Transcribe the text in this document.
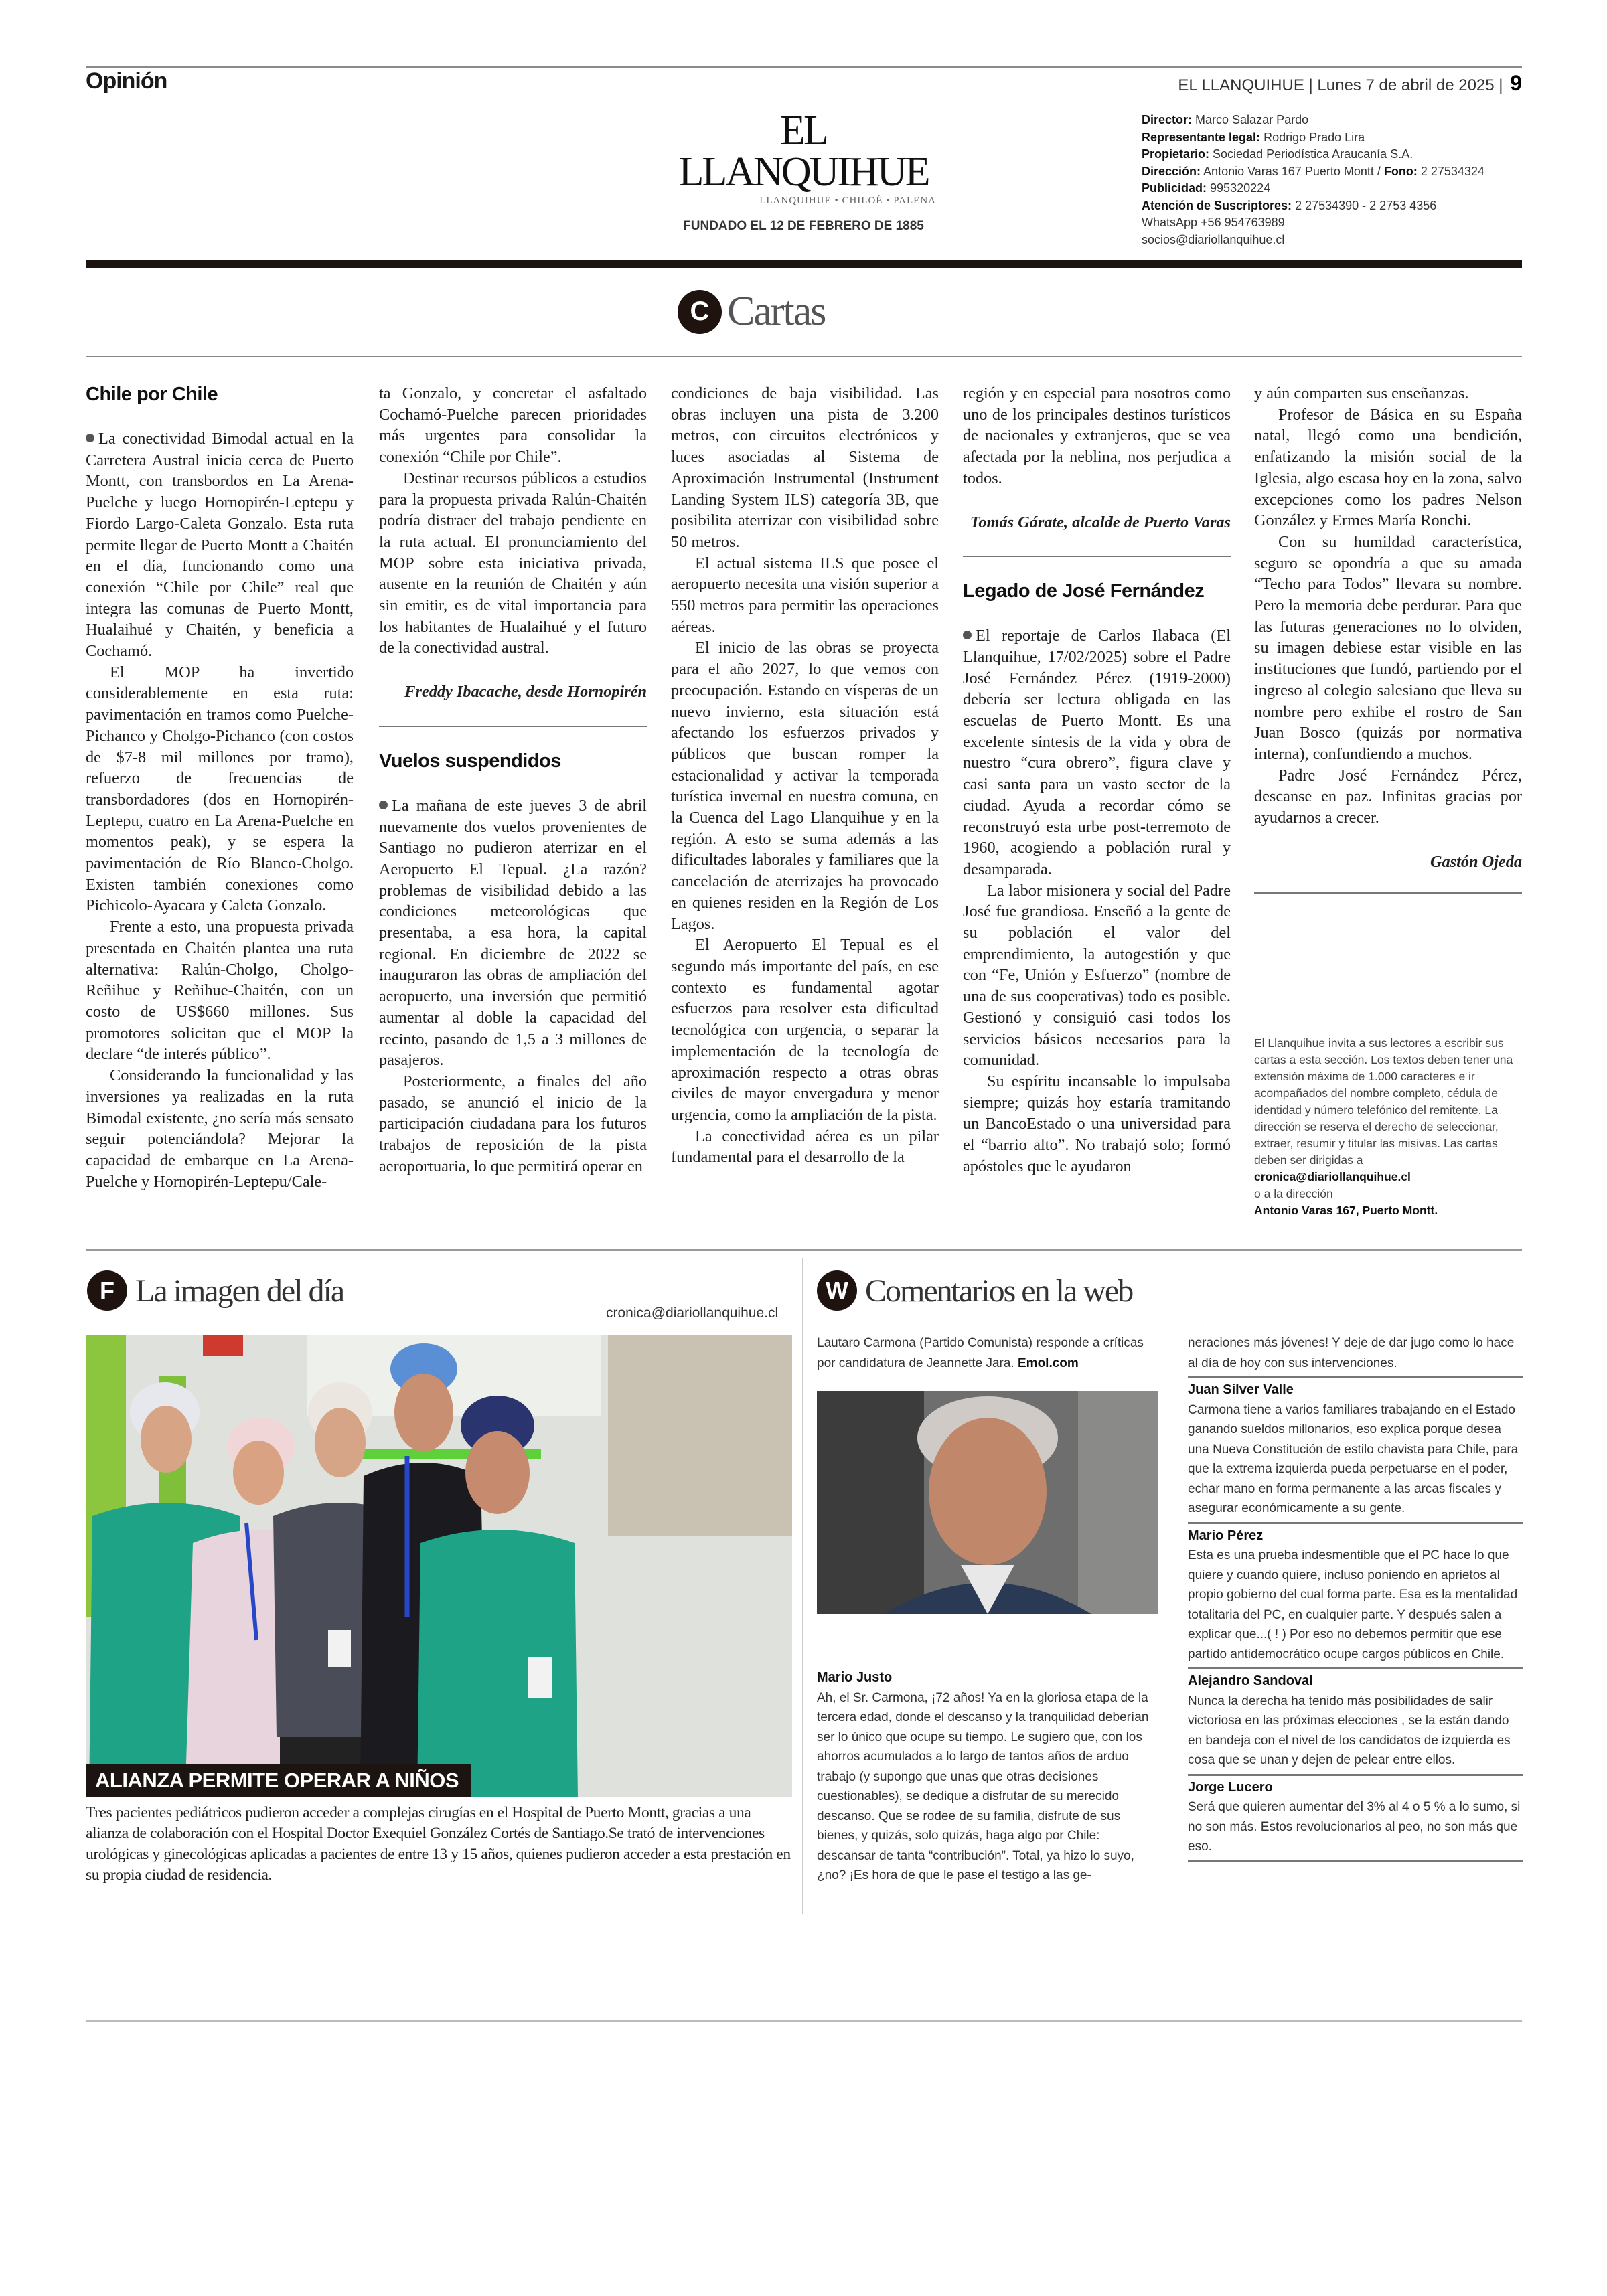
Opinión	EL LLANQUIHUE | Lunes 7 de abril de 2025 | 9
EL LLANQUIHUE
LLANQUIHUE • CHILOÉ • PALENA
FUNDADO EL 12 DE FEBRERO DE 1885
Director: Marco Salazar Pardo
Representante legal: Rodrigo Prado Lira
Propietario: Sociedad Periodística Araucanía S.A.
Dirección: Antonio Varas 167 Puerto Montt / Fono: 2 27534324
Publicidad: 995320224
Atención de Suscriptores: 2 27534390 - 2 2753 4356
WhatsApp +56 954763989
socios@diariollanquihue.cl
C Cartas
Chile por Chile

La conectividad Bimodal actual en la Carretera Austral inicia cerca de Puerto Montt, con transbordos en La Arena-Puelche y luego Hornopirén-Leptepu y Fiordo Largo-Caleta Gonzalo. Esta ruta permite llegar de Puerto Montt a Chaitén en el día, funcionando como una conexión “Chile por Chile” real que integra las comunas de Puerto Montt, Hualaihué y Chaitén, y beneficia a Cochamó.

El MOP ha invertido considerablemente en esta ruta: pavimentación en tramos como Puelche-Pichanco y Cholgo-Pichanco (con costos de $7-8 mil millones por tramo), refuerzo de frecuencias de transbordadores (dos en Hornopirén-Leptepu, cuatro en La Arena-Puelche en momentos peak), y se espera la pavimentación de Río Blanco-Cholgo. Existen también conexiones como Pichicolo-Ayacara y Caleta Gonzalo.

Frente a esto, una propuesta privada presentada en Chaitén plantea una ruta alternativa: Ralún-Cholgo, Cholgo-Reñihue y Reñihue-Chaitén, con un costo de US$660 millones. Sus promotores solicitan que el MOP la declare “de interés público”.

Considerando la funcionalidad y las inversiones ya realizadas en la ruta Bimodal existente, ¿no sería más sensato seguir potenciándola? Mejorar la capacidad de embarque en La Arena-Puelche y Hornopirén-Leptepu/Cale-

ta Gonzalo, y concretar el asfaltado Cochamó-Puelche parecen prioridades más urgentes para consolidar la conexión “Chile por Chile”.

Destinar recursos públicos a estudios para la propuesta privada Ralún-Chaitén podría distraer del trabajo pendiente en la ruta actual. El pronunciamiento del MOP sobre esta iniciativa privada, ausente en la reunión de Chaitén y aún sin emitir, es de vital importancia para los habitantes de Hualaihué y el futuro de la conectividad austral.

Freddy Ibacache, desde Hornopirén

Vuelos suspendidos

La mañana de este jueves 3 de abril nuevamente dos vuelos provenientes de Santiago no pudieron aterrizar en el Aeropuerto El Tepual. ¿La razón? problemas de visibilidad debido a las condiciones meteorológicas que presentaba, a esa hora, la capital regional. En diciembre de 2022 se inauguraron las obras de ampliación del aeropuerto, una inversión que permitió aumentar al doble la capacidad del recinto, pasando de 1,5 a 3 millones de pasajeros.

Posteriormente, a finales del año pasado, se anunció el inicio de la participación ciudadana para los futuros trabajos de reposición de la pista aeroportuaria, lo que permitirá operar en

condiciones de baja visibilidad. Las obras incluyen una pista de 3.200 metros, con circuitos electrónicos y luces asociadas al Sistema de Aproximación Instrumental (Instrument Landing System ILS) categoría 3B, que posibilita aterrizar con visibilidad sobre 50 metros.

El actual sistema ILS que posee el aeropuerto necesita una visión superior a 550 metros para permitir las operaciones aéreas.

El inicio de las obras se proyecta para el año 2027, lo que vemos con preocupación. Estando en vísperas de un nuevo invierno, esta situación está afectando los esfuerzos privados y públicos que buscan romper la estacionalidad y activar la temporada turística invernal en nuestra comuna, en la Cuenca del Lago Llanquihue y en la región. A esto se suma además a las dificultades laborales y familiares que la cancelación de aterrizajes ha provocado en quienes residen en la Región de Los Lagos.

El Aeropuerto El Tepual es el segundo más importante del país, en ese contexto es fundamental agotar esfuerzos para resolver esta dificultad tecnológica con urgencia, o separar la implementación de la tecnología de aproximación respecto a otras obras civiles de mayor envergadura y menor urgencia, como la ampliación de la pista.

La conectividad aérea es un pilar fundamental para el desarrollo de la

región y en especial para nosotros como uno de los principales destinos turísticos de nacionales y extranjeros, que se vea afectada por la neblina, nos perjudica a todos.

Tomás Gárate, alcalde de Puerto Varas

Legado de José Fernández

El reportaje de Carlos Ilabaca (El Llanquihue, 17/02/2025) sobre el Padre José Fernández Pérez (1919-2000) debería ser lectura obligada en las escuelas de Puerto Montt. Es una excelente síntesis de la vida y obra de nuestro “cura obrero”, figura clave y casi santa para un vasto sector de la ciudad. Ayuda a recordar cómo se reconstruyó esta urbe post-terremoto de 1960, acogiendo a población rural y desamparada.

La labor misionera y social del Padre José fue grandiosa. Enseñó a la gente de su población el valor del emprendimiento, la autogestión y que con “Fe, Unión y Esfuerzo” (nombre de una de sus cooperativas) todo es posible. Gestionó y consiguió casi todos los servicios básicos necesarios para la comunidad.

Su espíritu incansable lo impulsaba siempre; quizás hoy estaría tramitando un BancoEstado o una universidad para el “barrio alto”. No trabajó solo; formó apóstoles que le ayudaron

y aún comparten sus enseñanzas.

Profesor de Básica en su España natal, llegó como una bendición, enfatizando la misión social de la Iglesia, algo escasa hoy en la zona, salvo excepciones como los padres Nelson González y Ermes María Ronchi.

Con su humildad característica, seguro se opondría a que su amada “Techo para Todos” llevara su nombre. Pero la memoria debe perdurar. Para que las futuras generaciones no lo olviden, su imagen debiese estar visible en las instituciones que fundó, partiendo por el ingreso al colegio salesiano que lleva su nombre pero exhibe el rostro de San Juan Bosco (quizás por normativa interna), confundiendo a muchos.

Padre José Fernández Pérez, descanse en paz. Infinitas gracias por ayudarnos a crecer.

Gastón Ojeda

El Llanquihue invita a sus lectores a escribir sus cartas a esta sección. Los textos deben tener una extensión máxima de 1.000 caracteres e ir acompañados del nombre completo, cédula de identidad y número telefónico del remitente. La dirección se reserva el derecho de seleccionar, extraer, resumir y titular las misivas. Las cartas deben ser dirigidas a
cronica@diariollanquihue.cl
o a la dirección
Antonio Varas 167, Puerto Montt.
F La imagen del día
cronica@diariollanquihue.cl
ALIANZA PERMITE OPERAR A NIÑOS
Tres pacientes pediátricos pudieron acceder a complejas cirugías en el Hospital de Puerto Montt, gracias a una alianza de colaboración con el Hospital Doctor Exequiel González Cortés de Santiago.Se trató de intervenciones urológicas y ginecológicas aplicadas a pacientes de entre 13 y 15 años, quienes pudieron acceder a esta prestación en su propia ciudad de residencia.
W Comentarios en la web
Lautaro Carmona (Partido Comunista) responde a críticas por candidatura de Jeannette Jara. Emol.com
Mario Justo
Ah, el Sr. Carmona, ¡72 años! Ya en la gloriosa etapa de la tercera edad, donde el descanso y la tranquilidad deberían ser lo único que ocupe su tiempo. Le sugiero que, con los ahorros acumulados a lo largo de tantos años de arduo trabajo (y supongo que unas que otras decisiones cuestionables), se dedique a disfrutar de su merecido descanso. Que se rodee de su familia, disfrute de sus bienes, y quizás, solo quizás, haga algo por Chile: descansar de tanta “contribución”. Total, ya hizo lo suyo, ¿no? ¡Es hora de que le pase el testigo a las ge-
neraciones más jóvenes! Y deje de dar jugo como lo hace al día de hoy con sus intervenciones.
Juan Silver Valle
Carmona tiene a varios familiares trabajando en el Estado ganando sueldos millonarios, eso explica porque desea una Nueva Constitución de estilo chavista para Chile, para que la extrema izquierda pueda perpetuarse en el poder, echar mano en forma permanente a las arcas fiscales y asegurar económicamente a su gente.
Mario Pérez
Esta es una prueba indesmentible que el PC hace lo que quiere y cuando quiere, incluso poniendo en aprietos al propio gobierno del cual forma parte. Esa es la mentalidad totalitaria del PC, en cualquier parte. Y después salen a explicar que...( ! ) Por eso no debemos permitir que ese partido antidemocrático ocupe cargos públicos en Chile.
Alejandro Sandoval
Nunca la derecha ha tenido más posibilidades de salir victoriosa en las próximas elecciones , se la están dando en bandeja con el nivel de los candidatos de izquierda es cosa que se unan y dejen de pelear entre ellos.
Jorge Lucero
Será que quieren aumentar del 3% al 4 o 5 % a lo sumo, si no son más. Estos revolucionarios al peo, no son más que eso.
